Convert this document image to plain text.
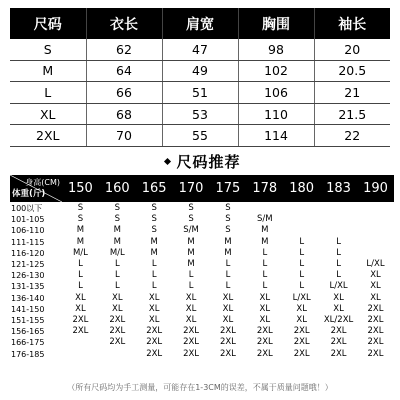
尺码	衣长	肩宽	胸围	袖长
S	62	47	98	20
M	64	49	102	20.5
L	66	51	106	21
XL	68	53	110	21.5
2XL	70	55	114	22
尺码推荐
身高(CM)
体重(斤)	150	160	165	170	175	178	180	183	190
100以下	S	S	S	S	S				
101-105	S	S	S	S	S	S/M			
106-110	M	M	S	S/M	S	M			
111-115	M	M	M	M	M	M	L	L	
116-120	M/L	M/L	M	M	M	L	L	L	
121-125	L	L	L	M	L	L	L	L	L/XL
126-130	L	L	L	L	L	L	L	L	XL
131-135	L	L	L	L	L	L	L	L/XL	XL
136-140	XL	XL	XL	XL	XL	XL	L/XL	XL	XL
141-150	XL	XL	XL	XL	XL	XL	XL	XL	2XL
151-155	2XL	2XL	XL	XL	XL	XL	XL	XL/2XL	2XL
156-165	2XL	2XL	2XL	2XL	2XL	2XL	2XL	2XL	2XL
166-175		2XL	2XL	2XL	2XL	2XL	2XL	2XL	2XL
176-185			2XL	2XL	2XL	2XL	2XL	2XL	2XL
（所有尺码均为手工测量，可能存在1-3CM的误差，不属于质量问题哦！）
